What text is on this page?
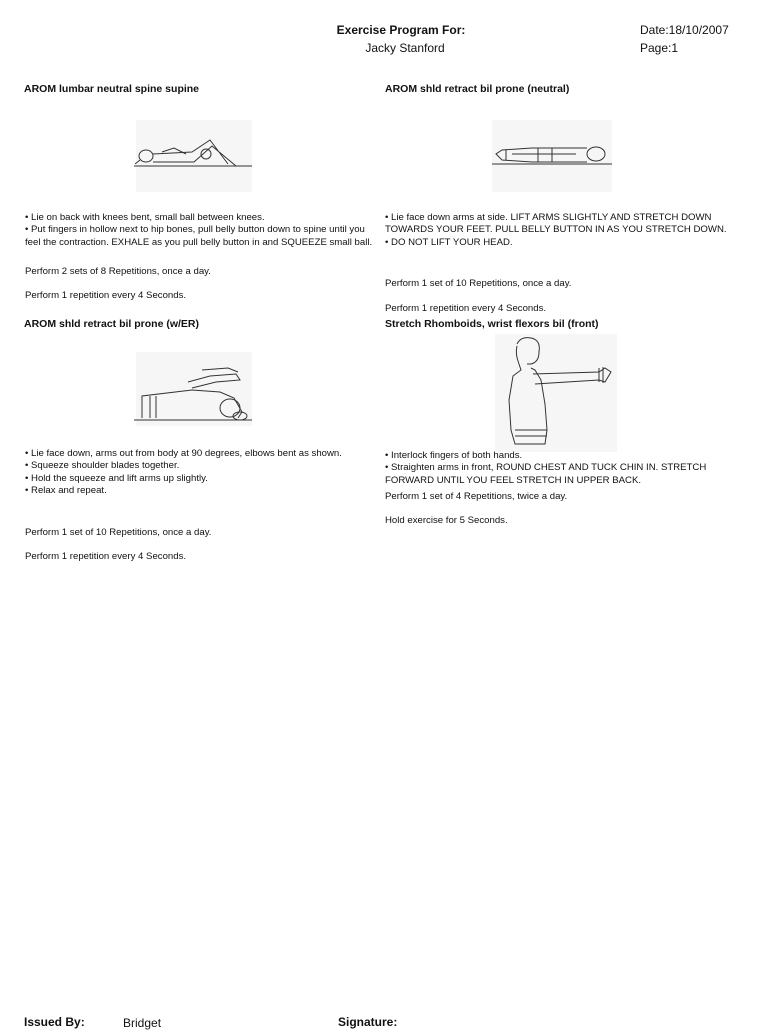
Exercise Program For:
Jacky Stanford
Date:18/10/2007
Page:1
AROM lumbar neutral spine supine
• Lie on back with knees bent, small ball between knees.
• Put fingers in hollow next to hip bones, pull belly button down to spine until you feel the contraction. EXHALE as you pull belly button in and SQUEEZE small ball.
Perform 2 sets of 8 Repetitions, once a day.
Perform 1 repetition every 4 Seconds.
AROM shld retract bil prone (neutral)
• Lie face down arms at side. LIFT ARMS SLIGHTLY AND STRETCH DOWN TOWARDS YOUR FEET. PULL BELLY BUTTON IN AS YOU STRETCH DOWN.
• DO NOT LIFT YOUR HEAD.
Perform 1 set of 10 Repetitions, once a day.
Perform 1 repetition every 4 Seconds.
AROM shld retract bil prone (w/ER)
• Lie face down, arms out from body at 90 degrees, elbows bent as shown.
• Squeeze shoulder blades together.
• Hold the squeeze and lift arms up slightly.
• Relax and repeat.
Perform 1 set of 10 Repetitions, once a day.
Perform 1 repetition every 4 Seconds.
Stretch Rhomboids, wrist flexors bil (front)
• Interlock fingers of both hands.
• Straighten arms in front, ROUND CHEST AND TUCK CHIN IN. STRETCH FORWARD UNTIL YOU FEEL STRETCH IN UPPER BACK.
Perform 1 set of 4 Repetitions, twice a day.
Hold exercise for 5 Seconds.
Issued By:	Bridget	Signature:
